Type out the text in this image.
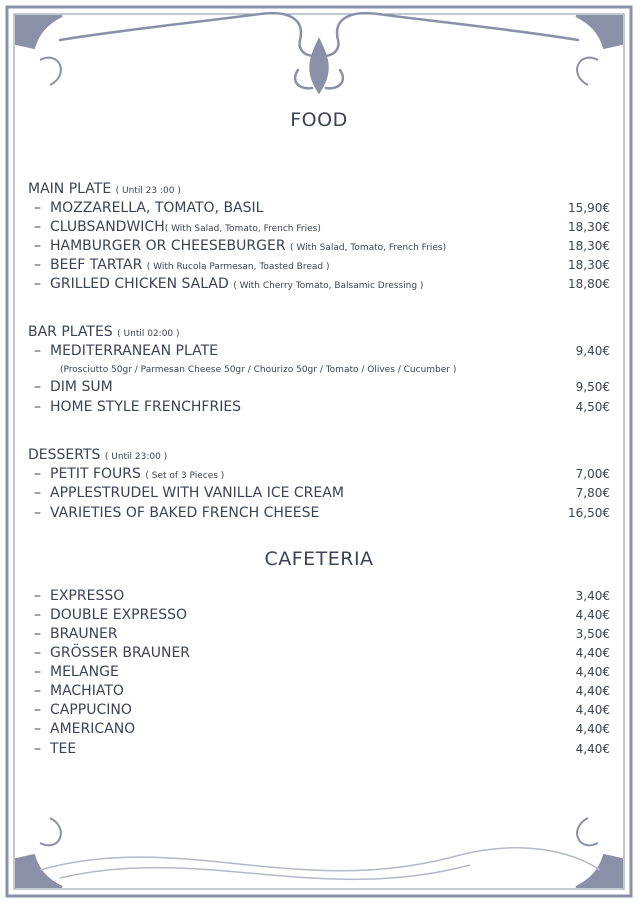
FOOD
MAIN PLATE ( Until 23 :00 )
– MOZZARELLA, TOMATO, BASIL	15,90€
– CLUBSANDWICH( With Salad, Tomato, French Fries)	18,30€
– HAMBURGER OR CHEESEBURGER ( With Salad, Tomato, French Fries)	18,30€
– BEEF TARTAR ( With Rucola Parmesan, Toasted Bread )	18,30€
– GRILLED CHICKEN SALAD ( With Cherry Tomato, Balsamic Dressing )	18,80€
BAR PLATES ( Until 02:00 )
– MEDITERRANEAN PLATE	9,40€
(Prosciutto 50gr / Parmesan Cheese 50gr / Chourizo 50gr / Tomato / Olives / Cucumber )
– DIM SUM	9,50€
– HOME STYLE FRENCHFRIES	4,50€
DESSERTS ( Until 23:00 )
– PETIT FOURS ( Set of 3 Pieces )	7,00€
– APPLESTRUDEL WITH VANILLA ICE CREAM	7,80€
– VARIETIES OF BAKED FRENCH CHEESE	16,50€
CAFETERIA
– EXPRESSO	3,40€
– DOUBLE EXPRESSO	4,40€
– BRAUNER	3,50€
– GRÖSSER BRAUNER	4,40€
– MELANGE	4,40€
– MACHIATO	4,40€
– CAPPUCINO	4,40€
– AMERICANO	4,40€
– TEE	4,40€
